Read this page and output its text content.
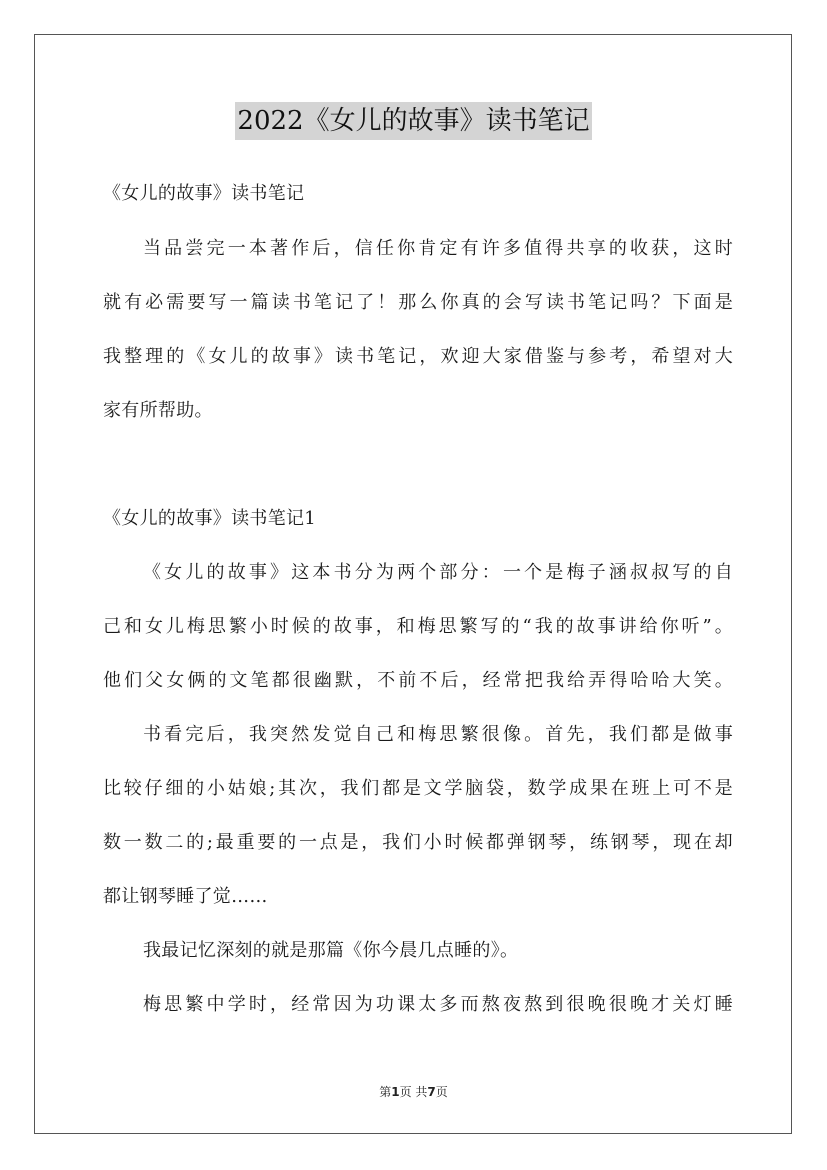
2022《女儿的故事》读书笔记
《女儿的故事》读书笔记
当品尝完一本著作后，信任你肯定有许多值得共享的收获，这时
就有必需要写一篇读书笔记了！那么你真的会写读书笔记吗？下面是
我整理的《女儿的故事》读书笔记，欢迎大家借鉴与参考，希望对大
家有所帮助。
《女儿的故事》读书笔记1
《女儿的故事》这本书分为两个部分：一个是梅子涵叔叔写的自
己和女儿梅思繁小时候的故事，和梅思繁写的“我的故事讲给你听”。
他们父女俩的文笔都很幽默，不前不后，经常把我给弄得哈哈大笑。
书看完后，我突然发觉自己和梅思繁很像。首先，我们都是做事
比较仔细的小姑娘;其次，我们都是文学脑袋，数学成果在班上可不是
数一数二的;最重要的一点是，我们小时候都弹钢琴，练钢琴，现在却
都让钢琴睡了觉……
我最记忆深刻的就是那篇《你今晨几点睡的》。
梅思繁中学时，经常因为功课太多而熬夜熬到很晚很晚才关灯睡
第1页 共7页
